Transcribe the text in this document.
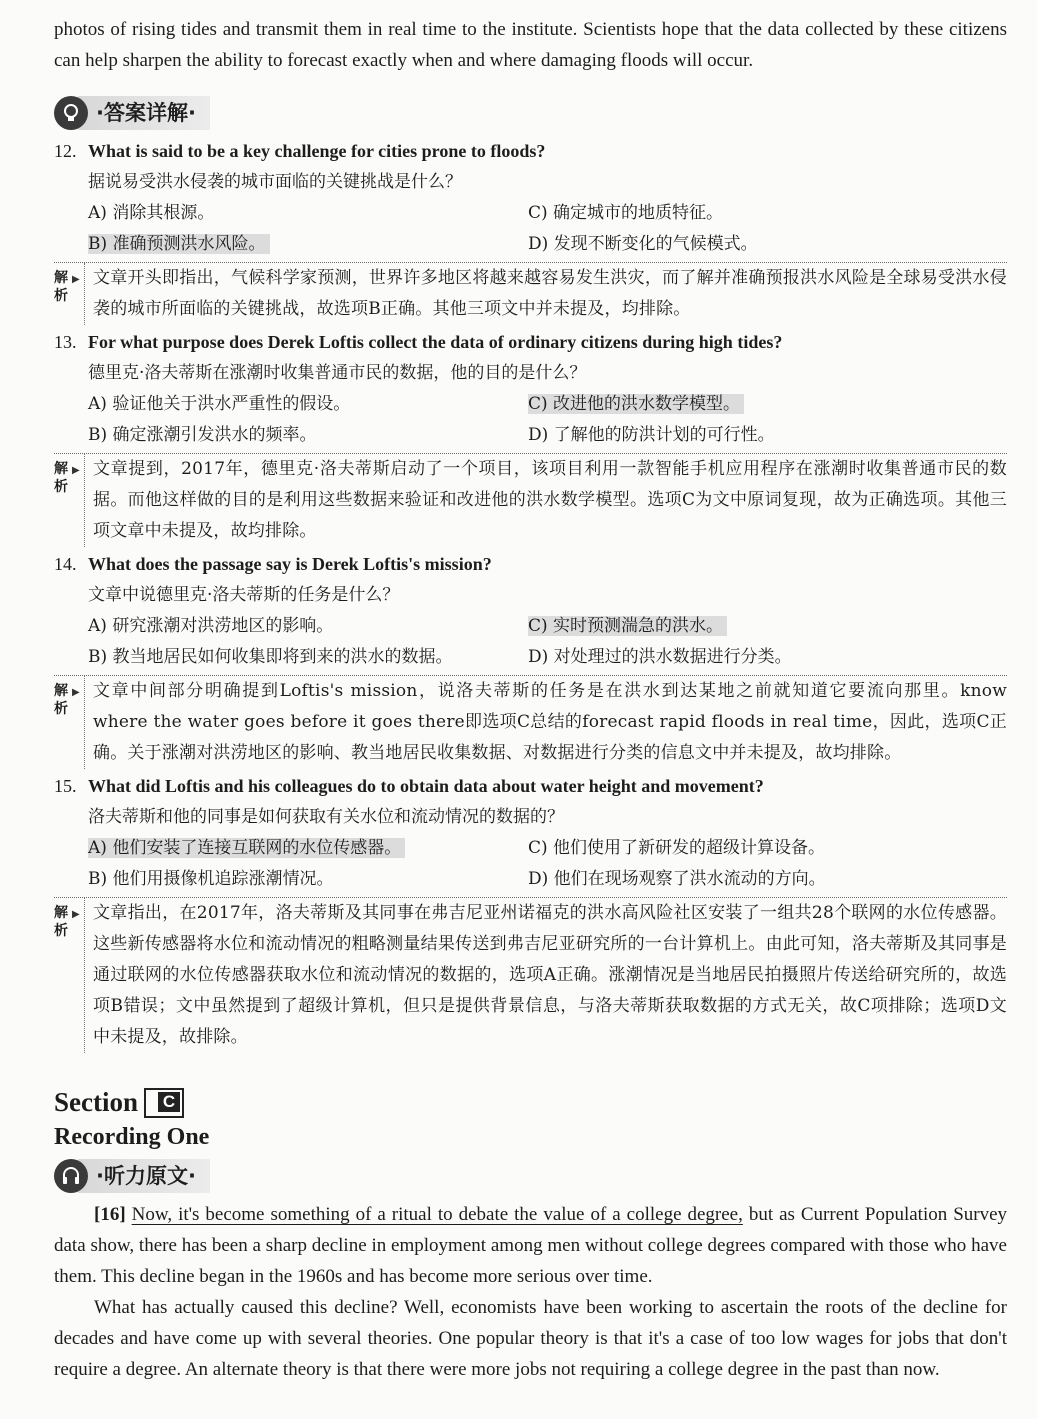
photos of rising tides and transmit them in real time to the institute. Scientists hope that the data collected by these citizens can help sharpen the ability to forecast exactly when and where damaging floods will occur.

·答案详解·
12. What is said to be a key challenge for cities prone to floods?
据说易受洪水侵袭的城市面临的关键挑战是什么？
A) 消除其根源。	C) 确定城市的地质特征。
B) 准确预测洪水风险。	D) 发现不断变化的气候模式。
解析
▶ 文章开头即指出，气候科学家预测，世界许多地区将越来越容易发生洪灾，而了解并准确预报洪水风险是全球易受洪水侵袭的城市所面临的关键挑战，故选项B正确。其他三项文中并未提及，均排除。
13. For what purpose does Derek Loftis collect the data of ordinary citizens during high tides?
德里克·洛夫蒂斯在涨潮时收集普通市民的数据，他的目的是什么？
A) 验证他关于洪水严重性的假设。	C) 改进他的洪水数学模型。
B) 确定涨潮引发洪水的频率。	D) 了解他的防洪计划的可行性。
解析
▶ 文章提到，2017年，德里克·洛夫蒂斯启动了一个项目，该项目利用一款智能手机应用程序在涨潮时收集普通市民的数据。而他这样做的目的是利用这些数据来验证和改进他的洪水数学模型。选项C为文中原词复现，故为正确选项。其他三项文章中未提及，故均排除。
14. What does the passage say is Derek Loftis's mission?
文章中说德里克·洛夫蒂斯的任务是什么？
A) 研究涨潮对洪涝地区的影响。	C) 实时预测湍急的洪水。
B) 教当地居民如何收集即将到来的洪水的数据。	D) 对处理过的洪水数据进行分类。
解析
▶ 文章中间部分明确提到Loftis's mission，说洛夫蒂斯的任务是在洪水到达某地之前就知道它要流向那里。know where the water goes before it goes there即选项C总结的forecast rapid floods in real time，因此，选项C正确。关于涨潮对洪涝地区的影响、教当地居民收集数据、对数据进行分类的信息文中并未提及，故均排除。
15. What did Loftis and his colleagues do to obtain data about water height and movement?
洛夫蒂斯和他的同事是如何获取有关水位和流动情况的数据的？
A) 他们安装了连接互联网的水位传感器。	C) 他们使用了新研发的超级计算设备。
B) 他们用摄像机追踪涨潮情况。	D) 他们在现场观察了洪水流动的方向。
解析
▶ 文章指出，在2017年，洛夫蒂斯及其同事在弗吉尼亚州诺福克的洪水高风险社区安装了一组共28个联网的水位传感器。这些新传感器将水位和流动情况的粗略测量结果传送到弗吉尼亚研究所的一台计算机上。由此可知，洛夫蒂斯及其同事是通过联网的水位传感器获取水位和流动情况的数据的，选项A正确。涨潮情况是当地居民拍摄照片传送给研究所的，故选项B错误；文中虽然提到了超级计算机，但只是提供背景信息，与洛夫蒂斯获取数据的方式无关，故C项排除；选项D文中未提及，故排除。
Section C
Recording One
·听力原文·

[16] Now, it's become something of a ritual to debate the value of a college degree, but as Current Population Survey data show, there has been a sharp decline in employment among men without college degrees compared with those who have them. This decline began in the 1960s and has become more serious over time.

What has actually caused this decline? Well, economists have been working to ascertain the roots of the decline for decades and have come up with several theories. One popular theory is that it's a case of too low wages for jobs that don't require a degree. An alternate theory is that there were more jobs not requiring a college degree in the past than now.
